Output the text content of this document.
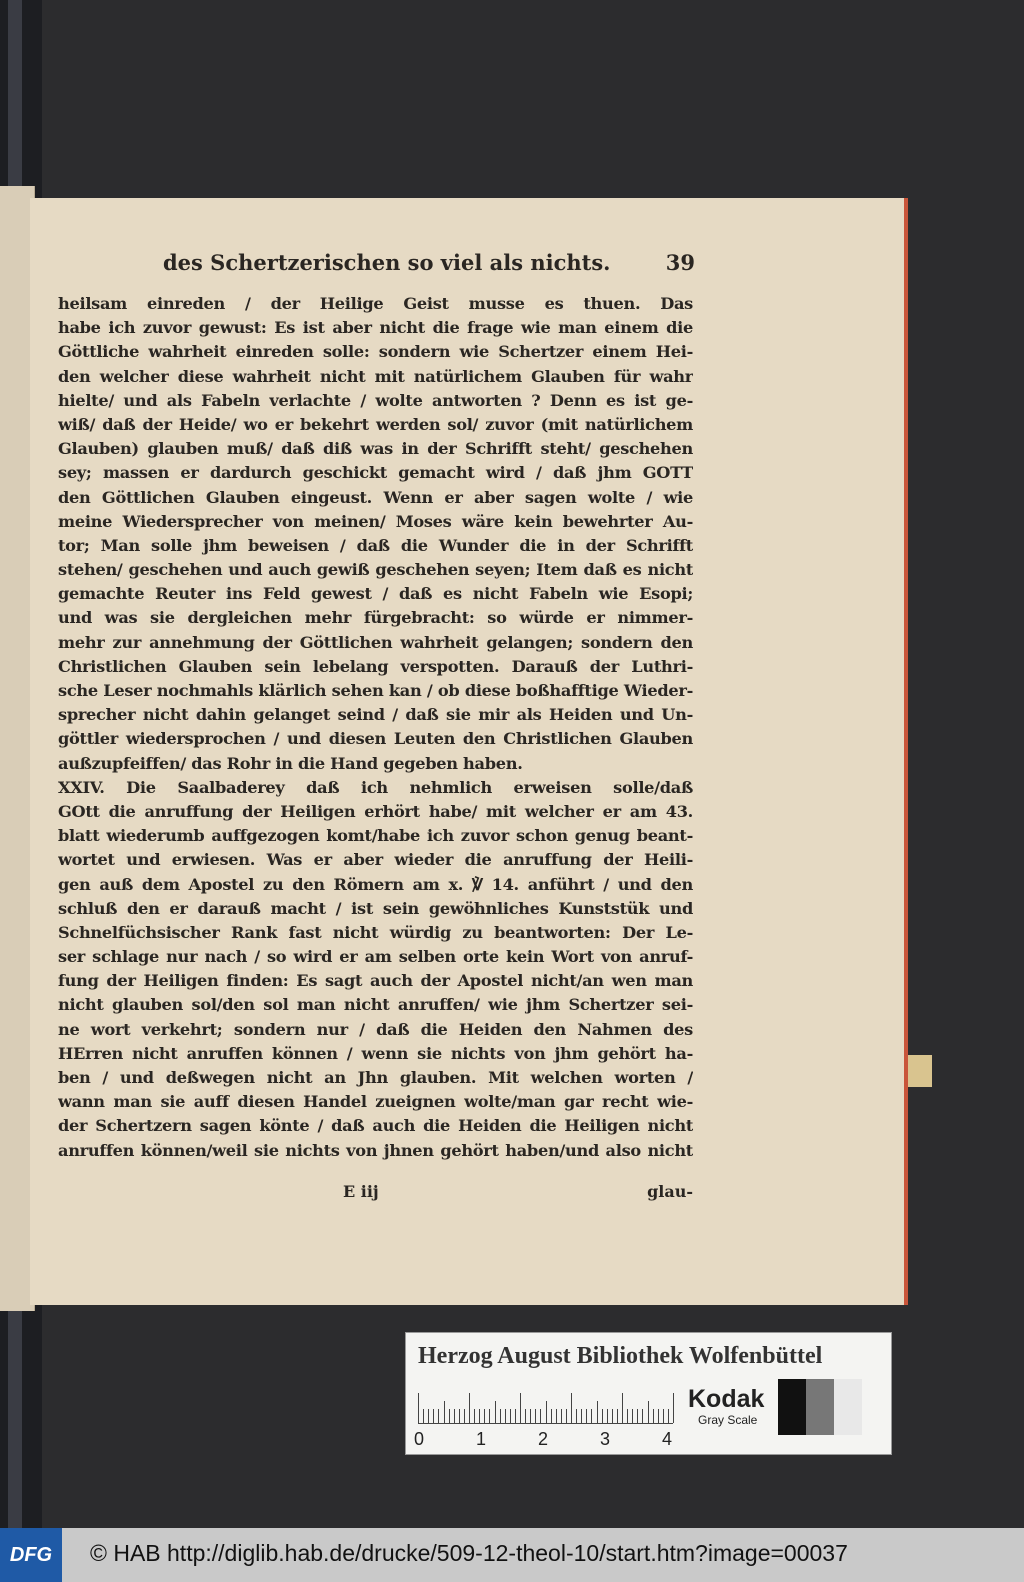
des Schertzerischen so viel als nichts.	39
heilsam einreden / der Heilige Geist musse es thuen. Das
habe ich zuvor gewust: Es ist aber nicht die frage wie man einem die
Göttliche wahrheit einreden solle: sondern wie Schertzer einem Hei-
den welcher diese wahrheit nicht mit natürlichem Glauben für wahr
hielte/ und als Fabeln verlachte / wolte antworten ? Denn es ist ge-
wiß/ daß der Heide/ wo er bekehrt werden sol/ zuvor (mit natürlichem
Glauben) glauben muß/ daß diß was in der Schrifft steht/ geschehen
sey; massen er dardurch geschickt gemacht wird / daß jhm GOTT
den Göttlichen Glauben eingeust. Wenn er aber sagen wolte / wie
meine Wiedersprecher von meinen/ Moses wäre kein bewehrter Au-
tor; Man solle jhm beweisen / daß die Wunder die in der Schrifft
stehen/ geschehen und auch gewiß geschehen seyen; Item daß es nicht
gemachte Reuter ins Feld gewest / daß es nicht Fabeln wie Esopi;
und was sie dergleichen mehr fürgebracht: so würde er nimmer-
mehr zur annehmung der Göttlichen wahrheit gelangen; sondern den
Christlichen Glauben sein lebelang verspotten. Darauß der Luthri-
sche Leser nochmahls klärlich sehen kan / ob diese boßhafftige Wieder-
sprecher nicht dahin gelanget seind / daß sie mir als Heiden und Un-
göttler wiedersprochen / und diesen Leuten den Christlichen Glauben
außzupfeiffen/ das Rohr in die Hand gegeben haben.
XXIV. Die Saalbaderey daß ich nehmlich erweisen solle/daß
GOtt die anruffung der Heiligen erhört habe/ mit welcher er am 43.
blatt wiederumb auffgezogen komt/habe ich zuvor schon genug beant-
wortet und erwiesen. Was er aber wieder die anruffung der Heili-
gen auß dem Apostel zu den Römern am x. ℣ 14. anführt / und den
schluß den er darauß macht / ist sein gewöhnliches Kunststük und
Schnelfüchsischer Rank fast nicht würdig zu beantworten: Der Le-
ser schlage nur nach / so wird er am selben orte kein Wort von anruf-
fung der Heiligen finden: Es sagt auch der Apostel nicht/an wen man
nicht glauben sol/den sol man nicht anruffen/ wie jhm Schertzer sei-
ne wort verkehrt; sondern nur / daß die Heiden den Nahmen des
HErren nicht anruffen können / wenn sie nichts von jhm gehört ha-
ben / und deßwegen nicht an Jhn glauben. Mit welchen worten /
wann man sie auff diesen Handel zueignen wolte/man gar recht wie-
der Schertzern sagen könte / daß auch die Heiden die Heiligen nicht
anruffen können/weil sie nichts von jhnen gehört haben/und also nicht
E iij	glau-
Herzog August Bibliothek Wolfenbüttel
0	1	2	3	4
Kodak
Gray Scale
DFG	© HAB http://diglib.hab.de/drucke/509-12-theol-10/start.htm?image=00037
